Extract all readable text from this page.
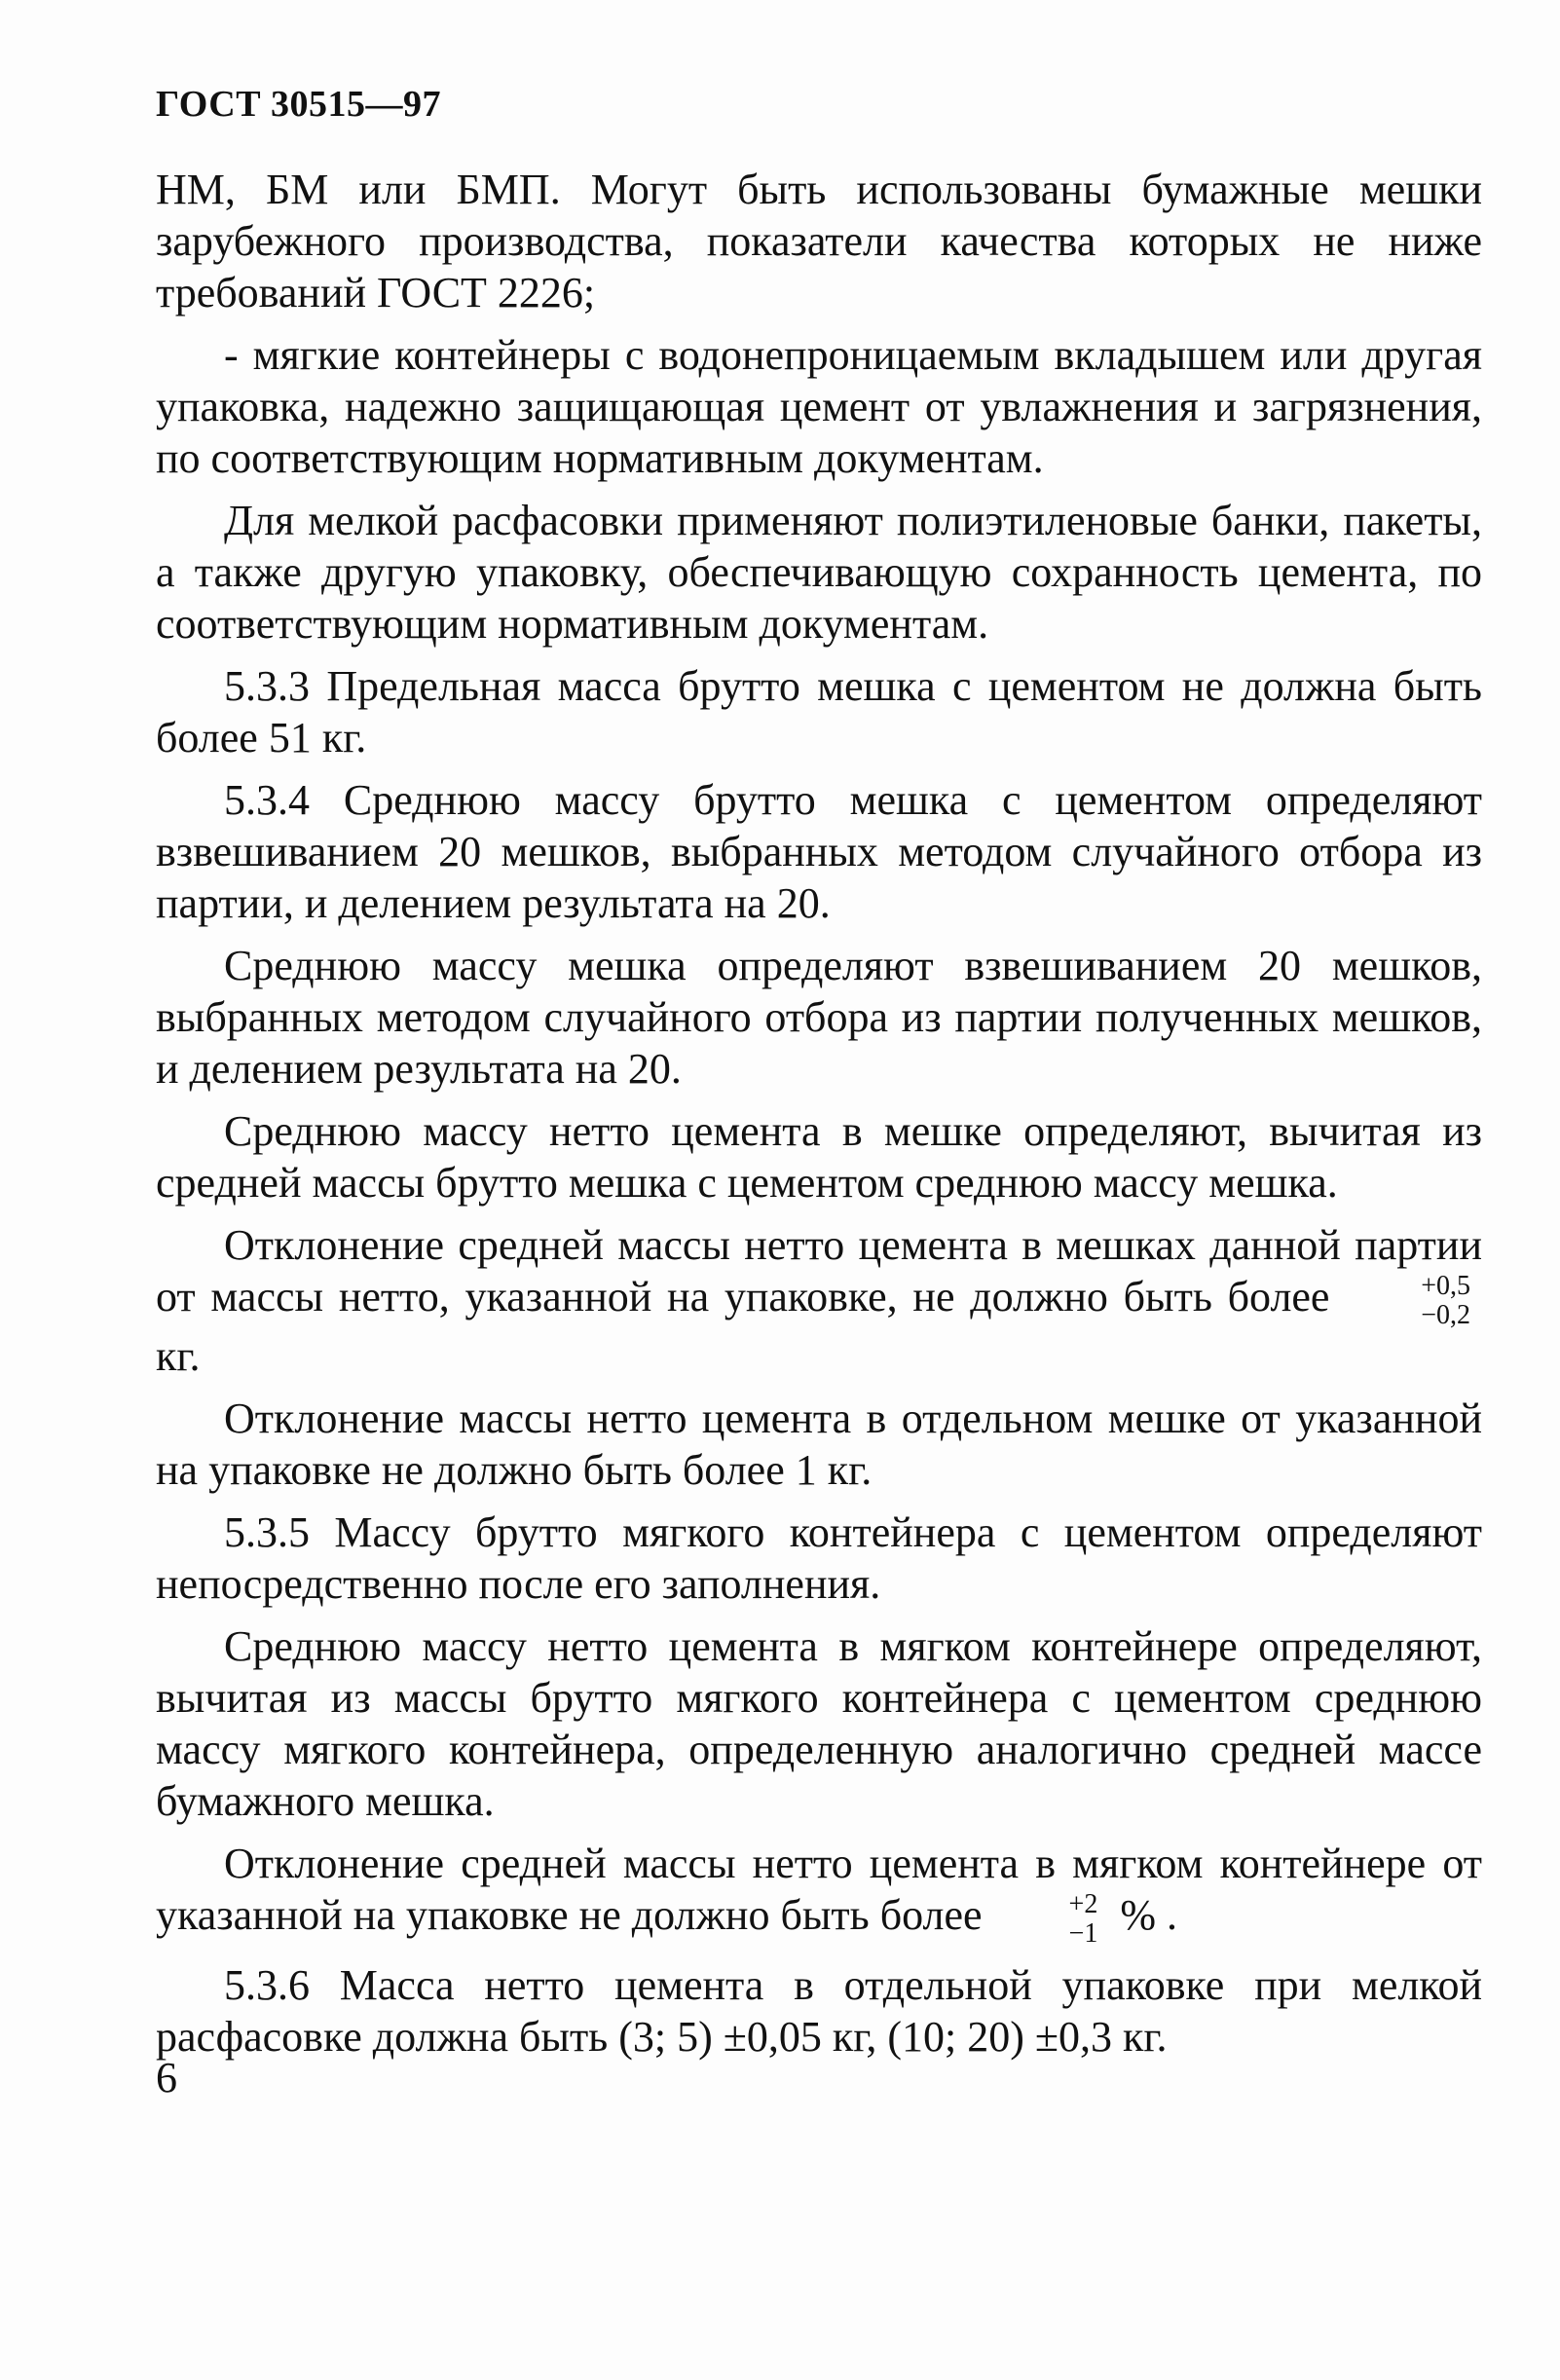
ГОСТ 30515—97

НМ, БМ или БМП. Могут быть использованы бумажные мешки зарубежного производства, показатели качества которых не ниже требований ГОСТ 2226;

- мягкие контейнеры с водонепроницаемым вкладышем или другая упаковка, надежно защищающая цемент от увлажнения и загрязнения, по соответствующим нормативным документам.

Для мелкой расфасовки применяют полиэтиленовые банки, пакеты, а также другую упаковку, обеспечивающую сохранность цемента, по соответствующим нормативным документам.

5.3.3 Предельная масса брутто мешка с цементом не должна быть более 51 кг.

5.3.4 Среднюю массу брутто мешка с цементом определяют взвешиванием 20 мешков, выбранных методом случайного отбора из партии, и делением результата на 20.

Среднюю массу мешка определяют взвешиванием 20 мешков, выбранных методом случайного отбора из партии полученных мешков, и делением результата на 20.

Среднюю массу нетто цемента в мешке определяют, вычитая из средней массы брутто мешка с цементом среднюю массу мешка.

Отклонение средней массы нетто цемента в мешках данной партии от массы нетто, указанной на упаковке, не должно быть более	+0,5
−0,2
кг.

Отклонение массы нетто цемента в отдельном мешке от указанной на упаковке не должно быть более 1 кг.

5.3.5 Массу брутто мягкого контейнера с цементом определяют непосредственно после его заполнения.

Среднюю массу нетто цемента в мягком контейнере определяют, вычитая из массы брутто мягкого контейнера с цементом среднюю массу мягкого контейнера, определенную аналогично средней массе бумажного мешка.

Отклонение средней массы нетто цемента в мягком контейнере от указанной на упаковке не должно быть более	+2
−1 % .

5.3.6 Масса нетто цемента в отдельной упаковке при мелкой расфасовке должна быть (3; 5) ±0,05 кг, (10; 20) ±0,3 кг.

6
